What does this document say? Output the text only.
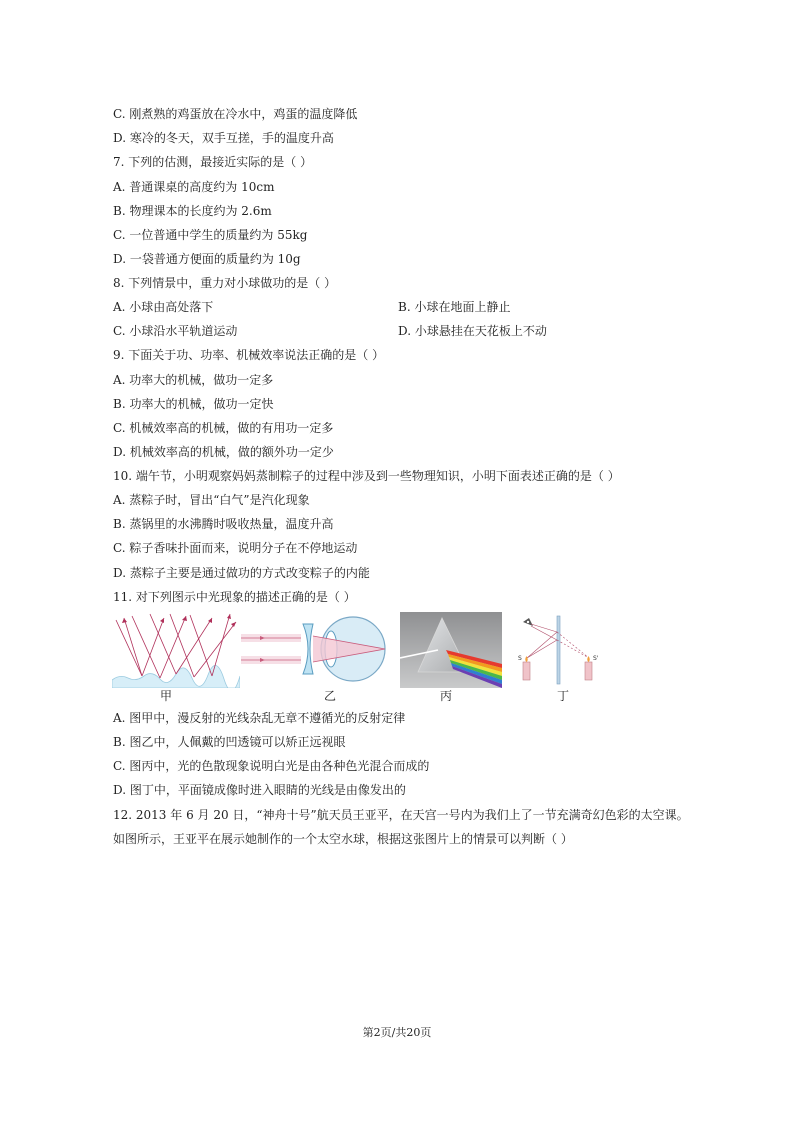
C. 刚煮熟的鸡蛋放在冷水中，鸡蛋的温度降低
D. 寒冷的冬天，双手互搓，手的温度升高
7. 下列的估测，最接近实际的是（ ）
A. 普通课桌的高度约为 10cm
B. 物理课本的长度约为 2.6m
C. 一位普通中学生的质量约为 55kg
D. 一袋普通方便面的质量约为 10g
8. 下列情景中，重力对小球做功的是（ ）
A. 小球由高处落下	B. 小球在地面上静止
C. 小球沿水平轨道运动	D. 小球悬挂在天花板上不动
9. 下面关于功、功率、机械效率说法正确的是（ ）
A. 功率大的机械，做功一定多
B. 功率大的机械，做功一定快
C. 机械效率高的机械，做的有用功一定多
D. 机械效率高的机械，做的额外功一定少
10. 端午节，小明观察妈妈蒸制粽子的过程中涉及到一些物理知识，小明下面表述正确的是（ ）
A. 蒸粽子时，冒出“白气”是汽化现象
B. 蒸锅里的水沸腾时吸收热量，温度升高
C. 粽子香味扑面而来，说明分子在不停地运动
D. 蒸粽子主要是通过做功的方式改变粽子的内能
11. 对下列图示中光现象的描述正确的是（ ）
甲	乙	丙
S	S'
丁
A. 图甲中，漫反射的光线杂乱无章不遵循光的反射定律
B. 图乙中，人佩戴的凹透镜可以矫正远视眼
C. 图丙中，光的色散现象说明白光是由各种色光混合而成的
D. 图丁中，平面镜成像时进入眼睛的光线是由像发出的
12. 2013 年 6 月 20 日，“神舟十号”航天员王亚平，在天宫一号内为我们上了一节充满奇幻色彩的太空课。
如图所示，王亚平在展示她制作的一个太空水球，根据这张图片上的情景可以判断（ ）
第2页/共20页
